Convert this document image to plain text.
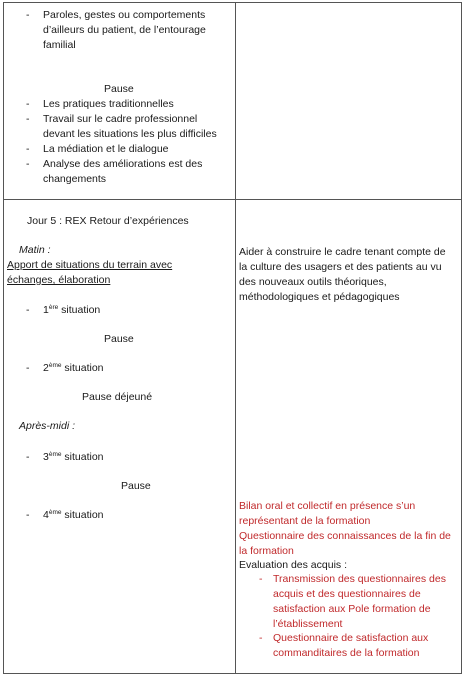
- Paroles, gestes ou comportements
d’ailleurs du patient, de l’entourage
familial
Pause
- Les pratiques traditionnelles
- Travail sur le cadre professionnel
devant les situations les plus difficiles
- La médiation et le dialogue
- Analyse des améliorations est des
changements
Jour 5 : REX Retour d’expériences
Matin :
Apport de situations du terrain avec
échanges, élaboration
- 1ère situation
Pause
- 2ème situation
Pause déjeuné
Après-midi :
- 3ème situation
Pause
- 4ème situation
Aider à construire le cadre tenant compte de
la culture des usagers et des patients au vu
des nouveaux outils théoriques,
méthodologiques et pédagogiques
Bilan oral et collectif en présence s’un
représentant de la formation
Questionnaire des connaissances de la fin de
la formation
Evaluation des acquis :
- Transmission des questionnaires des
acquis et des questionnaires de
satisfaction aux Pole formation de
l’établissement
- Questionnaire de satisfaction aux
commanditaires de la formation
